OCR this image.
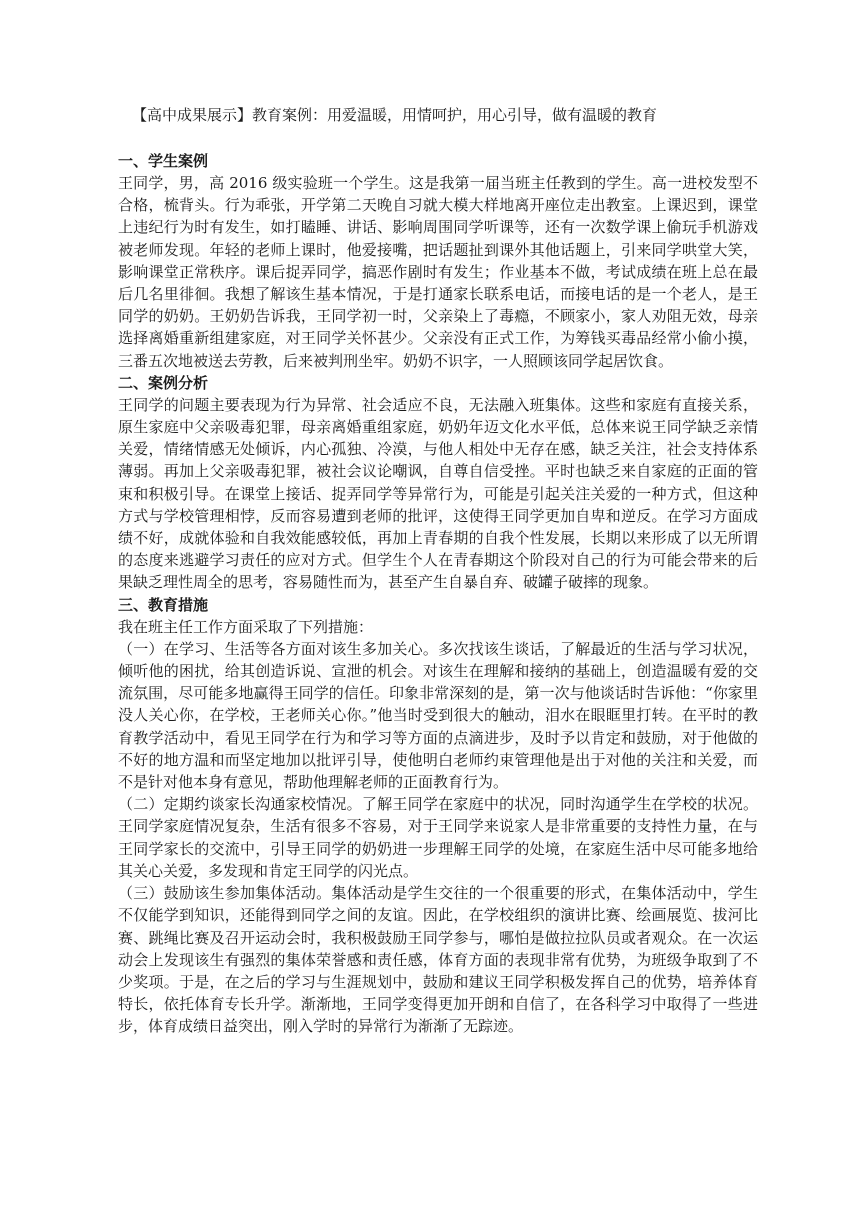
【高中成果展示】教育案例：用爱温暖，用情呵护，用心引导，做有温暖的教育
一、学生案例

王同学，男，高 2016 级实验班一个学生。这是我第一届当班主任教到的学生。高一进校发型不合格，梳背头。行为乖张，开学第二天晚自习就大模大样地离开座位走出教室。上课迟到，课堂上违纪行为时有发生，如打瞌睡、讲话、影响周围同学听课等，还有一次数学课上偷玩手机游戏被老师发现。年轻的老师上课时，他爱接嘴，把话题扯到课外其他话题上，引来同学哄堂大笑，影响课堂正常秩序。课后捉弄同学，搞恶作剧时有发生；作业基本不做，考试成绩在班上总在最后几名里徘徊。我想了解该生基本情况，于是打通家长联系电话，而接电话的是一个老人，是王同学的奶奶。王奶奶告诉我，王同学初一时，父亲染上了毒瘾，不顾家小，家人劝阻无效，母亲选择离婚重新组建家庭，对王同学关怀甚少。父亲没有正式工作，为筹钱买毒品经常小偷小摸，三番五次地被送去劳教，后来被判刑坐牢。奶奶不识字，一人照顾该同学起居饮食。

二、案例分析

王同学的问题主要表现为行为异常、社会适应不良，无法融入班集体。这些和家庭有直接关系，原生家庭中父亲吸毒犯罪，母亲离婚重组家庭，奶奶年迈文化水平低，总体来说王同学缺乏亲情关爱，情绪情感无处倾诉，内心孤独、冷漠，与他人相处中无存在感，缺乏关注，社会支持体系薄弱。再加上父亲吸毒犯罪，被社会议论嘲讽，自尊自信受挫。平时也缺乏来自家庭的正面的管束和积极引导。在课堂上接话、捉弄同学等异常行为，可能是引起关注关爱的一种方式，但这种方式与学校管理相悖，反而容易遭到老师的批评，这使得王同学更加自卑和逆反。在学习方面成绩不好，成就体验和自我效能感较低，再加上青春期的自我个性发展，长期以来形成了以无所谓的态度来逃避学习责任的应对方式。但学生个人在青春期这个阶段对自己的行为可能会带来的后果缺乏理性周全的思考，容易随性而为，甚至产生自暴自弃、破罐子破摔的现象。

三、教育措施

我在班主任工作方面采取了下列措施：

（一）在学习、生活等各方面对该生多加关心。多次找该生谈话，了解最近的生活与学习状况，倾听他的困扰，给其创造诉说、宣泄的机会。对该生在理解和接纳的基础上，创造温暖有爱的交流氛围，尽可能多地赢得王同学的信任。印象非常深刻的是，第一次与他谈话时告诉他：“你家里没人关心你，在学校，王老师关心你。”他当时受到很大的触动，泪水在眼眶里打转。在平时的教育教学活动中，看见王同学在行为和学习等方面的点滴进步，及时予以肯定和鼓励，对于他做的不好的地方温和而坚定地加以批评引导，使他明白老师约束管理他是出于对他的关注和关爱，而不是针对他本身有意见，帮助他理解老师的正面教育行为。

（二）定期约谈家长沟通家校情况。了解王同学在家庭中的状况，同时沟通学生在学校的状况。王同学家庭情况复杂，生活有很多不容易，对于王同学来说家人是非常重要的支持性力量，在与王同学家长的交流中，引导王同学的奶奶进一步理解王同学的处境，在家庭生活中尽可能多地给其关心关爱，多发现和肯定王同学的闪光点。

（三）鼓励该生参加集体活动。集体活动是学生交往的一个很重要的形式，在集体活动中，学生不仅能学到知识，还能得到同学之间的友谊。因此，在学校组织的演讲比赛、绘画展览、拔河比赛、跳绳比赛及召开运动会时，我积极鼓励王同学参与，哪怕是做拉拉队员或者观众。在一次运动会上发现该生有强烈的集体荣誉感和责任感，体育方面的表现非常有优势，为班级争取到了不少奖项。于是，在之后的学习与生涯规划中，鼓励和建议王同学积极发挥自己的优势，培养体育特长，依托体育专长升学。渐渐地，王同学变得更加开朗和自信了，在各科学习中取得了一些进步，体育成绩日益突出，刚入学时的异常行为渐渐了无踪迹。
